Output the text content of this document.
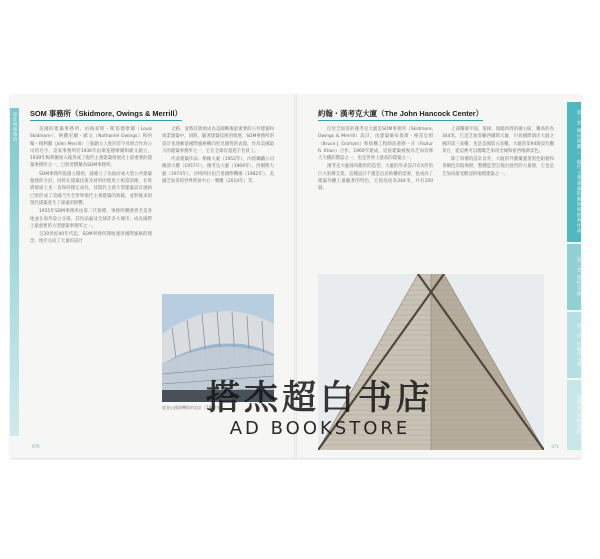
設計與建築的 SOM 事務所（Skidmore, Owings & Merrill）

美國的建築事務所，由路易斯・斯基德摩爾（Louis Skidmore）、納撒尼爾・歐文（Nathaniel Owings）和約翰・梅利爾（John Merrill）三個創立人姓的首字母組合作為公司的名字，這家事務所於1936年由斯基德摩爾和歐文創立，1939年梅利爾加入後形成了現代主義建築發展史上最重要的建築事務所之一，已經習慣稱為SOM事務所。

SOM事務所從創立開始，就確立了為政府或大型公共建築服務的方針，同時在建築技術及材料的使用上相當前衛，在經濟層面上也一直保持穩定成長，其現代主義大型建築設計風格已經形成了美國乃至全世界現代主義建築的典範，並對後來的現代建築產生了深遠的影響。

1955年SOM事務所由第二代領導，事務所擴展到全美各地並在海外設立分部，其作品遍及全球許多大城市，成為國際上最重要的大型建築事務所之一。

自20世紀40年代起，SOM事務所開始運用國際風格的理念，逐步完成了大量的設計

之路，並將其發展成為美國戰後最重要的公共建築和商業建築中，同時，隨著建築技術的發展，SOM事務所的設計也逐漸從國際風格轉向更具個性的表現，作為美國最大的建築事務所之一，它在全球有超過千名員工。

代表建築作品：勒維大廈（1952年），內陸鋼鐵公司總部大樓（1957年），漢考克大廈（1969年），西爾斯大廈（1974年），沙特阿拉伯吉達國際機場（1982年），美國芝加哥的世界貿易中心一號樓（2014年）等。

霍金山國際機場的設計（1982年）
070
約翰・漢考克大廈（The John Hancock Center）

位於芝加哥的漢考克大廈是SOM事務所（Skidmore, Owings & Merrill）設計，由建築師布魯斯・格雷厄姆（Bruce J. Graham）和結構工程師法茲勒・汗（Fazlur R. Khan）合作，1969年建成，這座建築被視為芝加哥摩天大樓的標誌之一，也是世界上最高的建築之一。

漢考克大廈採用錐形的造型，大廈的外表設計有X形的巨大斜撐支架，這種設計不僅是出於結構的需要，也成為了建築外觀上最顯著的特色，它的高度為344米，共有100層。

上部樓層平面、電梯、環繞四周的辦公區，樓高約為344米，它是芝加哥繼西爾斯大廈、川普國際酒店大廈之後的第三高樓，也是美國第五高樓，大廈的第94層設有觀景台，從這裡可以俯瞰芝加哥全城和密西根湖景色。

除了斜撐的設計以外，大廈的外牆覆蓋著黑色鋁板和青銅色的玻璃窗，整體造型呈現出強烈的力量感，它也是芝加哥最受歡迎的地標建築之一。

071
第一章 城市規劃 ｜ 現代主義建築的開始與經典作品
第二章 理性主義
第三章 后現代主義
第四章 高科技派
搭杰超白书店
AD BOOKSTORE
